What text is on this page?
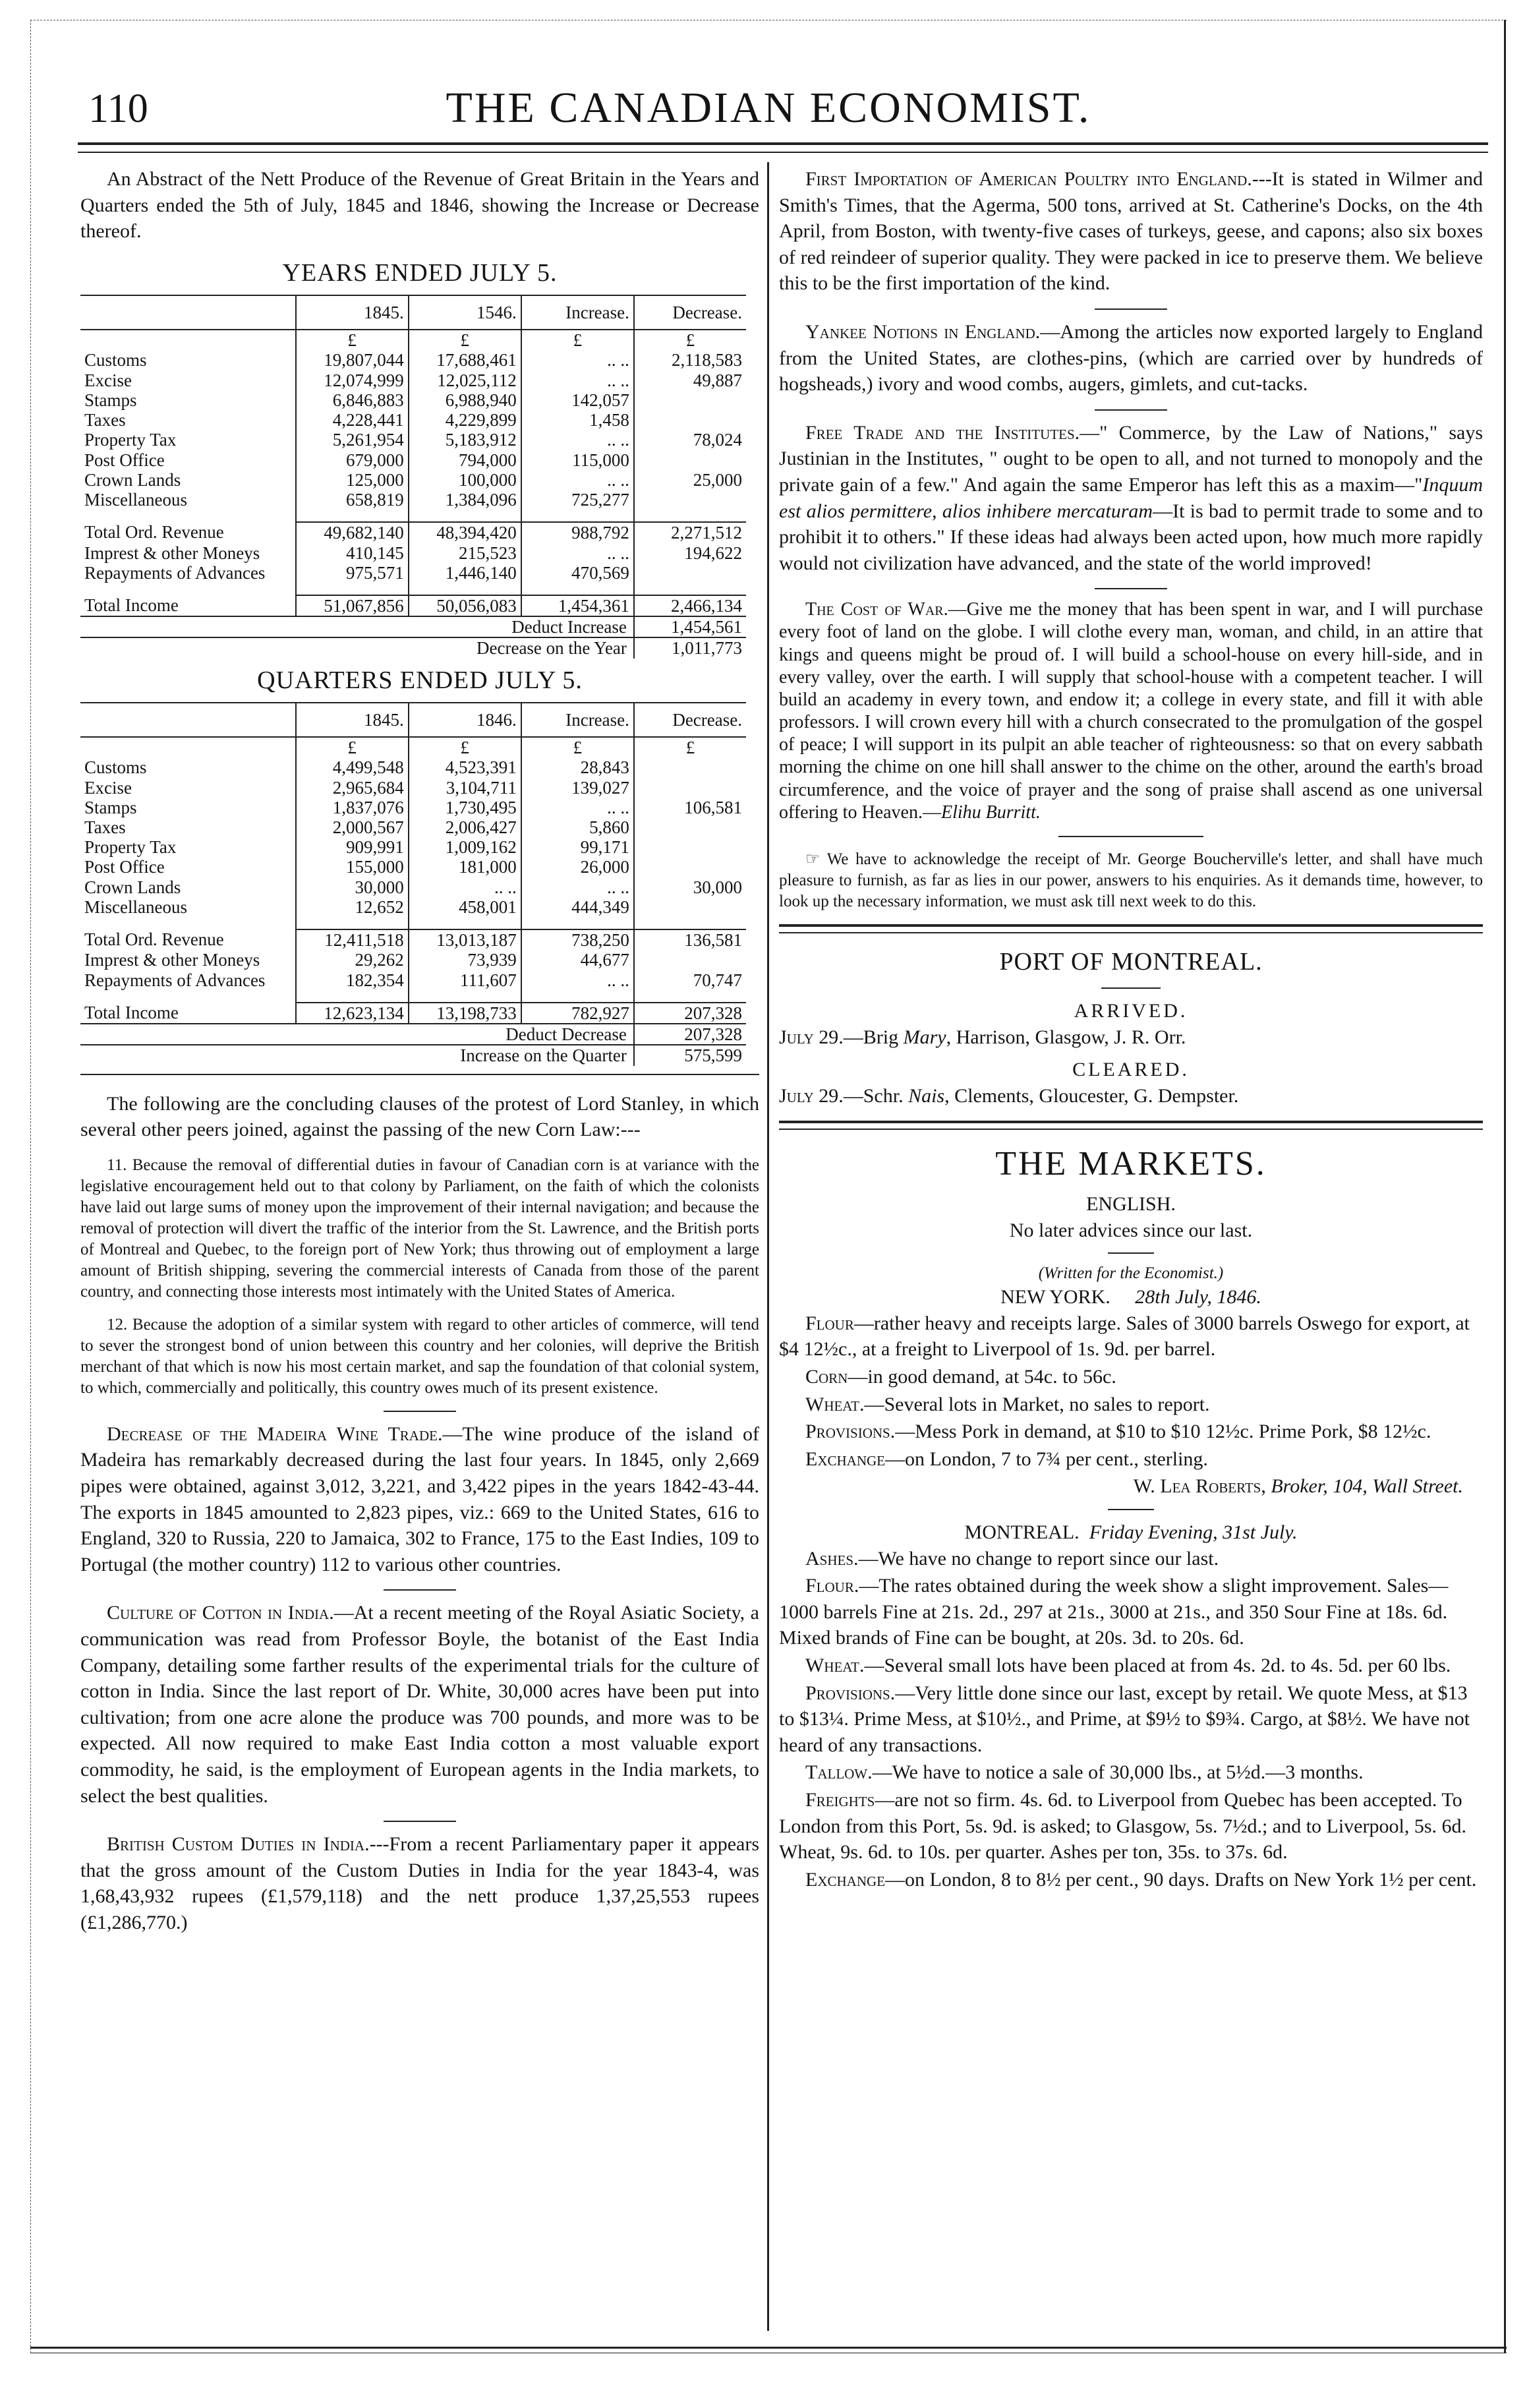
110	THE CANADIAN ECONOMIST.

An Abstract of the Nett Produce of the Revenue of Great Britain in the Years and Quarters ended the 5th of July, 1845 and 1846, showing the Increase or Decrease thereof.

YEARS ENDED JULY 5.
	1845.	1546.	Increase.	Decrease.
	£	£	£	£
Customs	19,807,044	17,688,461	.. ..	2,118,583
Excise	12,074,999	12,025,112	.. ..	49,887
Stamps	6,846,883	6,988,940	142,057	
Taxes	4,228,441	4,229,899	1,458	
Property Tax	5,261,954	5,183,912	.. ..	78,024
Post Office	679,000	794,000	115,000	
Crown Lands	125,000	100,000	.. ..	25,000
Miscellaneous	658,819	1,384,096	725,277	

Total Ord. Revenue	49,682,140	48,394,420	988,792	2,271,512
Imprest & other Moneys	410,145	215,523	.. ..	194,622
Repayments of Advances	975,571	1,446,140	470,569	

Total Income	51,067,856	50,056,083	1,454,361	2,466,134
Deduct Increase				1,454,561
Decrease on the Year				1,011,773
QUARTERS ENDED JULY 5.
	1845.	1846.	Increase.	Decrease.
	£	£	£	£
Customs	4,499,548	4,523,391	28,843	
Excise	2,965,684	3,104,711	139,027	
Stamps	1,837,076	1,730,495	.. ..	106,581
Taxes	2,000,567	2,006,427	5,860	
Property Tax	909,991	1,009,162	99,171	
Post Office	155,000	181,000	26,000	
Crown Lands	30,000	.. ..	.. ..	30,000
Miscellaneous	12,652	458,001	444,349	

Total Ord. Revenue	12,411,518	13,013,187	738,250	136,581
Imprest & other Moneys	29,262	73,939	44,677	
Repayments of Advances	182,354	111,607	.. ..	70,747

Total Income	12,623,134	13,198,733	782,927	207,328
Deduct Decrease				207,328
Increase on the Quarter				575,599

The following are the concluding clauses of the protest of Lord Stanley, in which several other peers joined, against the passing of the new Corn Law:---

11. Because the removal of differential duties in favour of Canadian corn is at variance with the legislative encouragement held out to that colony by Parliament, on the faith of which the colonists have laid out large sums of money upon the improvement of their internal navigation; and because the removal of protection will divert the traffic of the interior from the St. Lawrence, and the British ports of Montreal and Quebec, to the foreign port of New York; thus throwing out of employment a large amount of British shipping, severing the commercial interests of Canada from those of the parent country, and connecting those interests most intimately with the United States of America.

12. Because the adoption of a similar system with regard to other articles of commerce, will tend to sever the strongest bond of union between this country and her colonies, will deprive the British merchant of that which is now his most certain market, and sap the foundation of that colonial system, to which, commercially and politically, this country owes much of its present existence.

Decrease of the Madeira Wine Trade.—The wine produce of the island of Madeira has remarkably decreased during the last four years. In 1845, only 2,669 pipes were obtained, against 3,012, 3,221, and 3,422 pipes in the years 1842-43-44. The exports in 1845 amounted to 2,823 pipes, viz.: 669 to the United States, 616 to England, 320 to Russia, 220 to Jamaica, 302 to France, 175 to the East Indies, 109 to Portugal (the mother country) 112 to various other countries.

Culture of Cotton in India.—At a recent meeting of the Royal Asiatic Society, a communication was read from Professor Boyle, the botanist of the East India Company, detailing some farther results of the experimental trials for the culture of cotton in India. Since the last report of Dr. White, 30,000 acres have been put into cultivation; from one acre alone the produce was 700 pounds, and more was to be expected. All now required to make East India cotton a most valuable export commodity, he said, is the employment of European agents in the India markets, to select the best qualities.

British Custom Duties in India.---From a recent Parliamentary paper it appears that the gross amount of the Custom Duties in India for the year 1843-4, was 1,68,43,932 rupees (£1,579,118) and the nett produce 1,37,25,553 rupees (£1,286,770.)

First Importation of American Poultry into England.---It is stated in Wilmer and Smith's Times, that the Agerma, 500 tons, arrived at St. Catherine's Docks, on the 4th April, from Boston, with twenty-five cases of turkeys, geese, and capons; also six boxes of red reindeer of superior quality. They were packed in ice to preserve them. We believe this to be the first importation of the kind.

Yankee Notions in England.—Among the articles now exported largely to England from the United States, are clothes-pins, (which are carried over by hundreds of hogsheads,) ivory and wood combs, augers, gimlets, and cut-tacks.

Free Trade and the Institutes.—" Commerce, by the Law of Nations," says Justinian in the Institutes, " ought to be open to all, and not turned to monopoly and the private gain of a few." And again the same Emperor has left this as a maxim—"Inquum est alios permittere, alios inhibere mercaturam—It is bad to permit trade to some and to prohibit it to others." If these ideas had always been acted upon, how much more rapidly would not civilization have advanced, and the state of the world improved!

The Cost of War.—Give me the money that has been spent in war, and I will purchase every foot of land on the globe. I will clothe every man, woman, and child, in an attire that kings and queens might be proud of. I will build a school-house on every hill-side, and in every valley, over the earth. I will supply that school-house with a competent teacher. I will build an academy in every town, and endow it; a college in every state, and fill it with able professors. I will crown every hill with a church consecrated to the promulgation of the gospel of peace; I will support in its pulpit an able teacher of righteousness: so that on every sabbath morning the chime on one hill shall answer to the chime on the other, around the earth's broad circumference, and the voice of prayer and the song of praise shall ascend as one universal offering to Heaven.—Elihu Burritt.

☞ We have to acknowledge the receipt of Mr. George Boucherville's letter, and shall have much pleasure to furnish, as far as lies in our power, answers to his enquiries. As it demands time, however, to look up the necessary information, we must ask till next week to do this.

PORT OF MONTREAL.
ARRIVED.

July 29.—Brig Mary, Harrison, Glasgow, J. R. Orr.

CLEARED.

July 29.—Schr. Nais, Clements, Gloucester, G. Dempster.

THE MARKETS.
ENGLISH.
No later advices since our last.
(Written for the Economist.)
NEW YORK. 28th July, 1846.

Flour—rather heavy and receipts large. Sales of 3000 barrels Oswego for export, at $4 12½c., at a freight to Liverpool of 1s. 9d. per barrel.

Corn—in good demand, at 54c. to 56c.

Wheat.—Several lots in Market, no sales to report.

Provisions.—Mess Pork in demand, at $10 to $10 12½c. Prime Pork, $8 12½c.

Exchange—on London, 7 to 7¾ per cent., sterling.

W. Lea Roberts, Broker, 104, Wall Street.
MONTREAL. Friday Evening, 31st July.

Ashes.—We have no change to report since our last.

Flour.—The rates obtained during the week show a slight improvement. Sales—1000 barrels Fine at 21s. 2d., 297 at 21s., 3000 at 21s., and 350 Sour Fine at 18s. 6d. Mixed brands of Fine can be bought, at 20s. 3d. to 20s. 6d.

Wheat.—Several small lots have been placed at from 4s. 2d. to 4s. 5d. per 60 lbs.

Provisions.—Very little done since our last, except by retail. We quote Mess, at $13 to $13¼. Prime Mess, at $10½., and Prime, at $9½ to $9¾. Cargo, at $8½. We have not heard of any transactions.

Tallow.—We have to notice a sale of 30,000 lbs., at 5½d.—3 months.

Freights—are not so firm. 4s. 6d. to Liverpool from Quebec has been accepted. To London from this Port, 5s. 9d. is asked; to Glasgow, 5s. 7½d.; and to Liverpool, 5s. 6d. Wheat, 9s. 6d. to 10s. per quarter. Ashes per ton, 35s. to 37s. 6d.

Exchange—on London, 8 to 8½ per cent., 90 days. Drafts on New York 1½ per cent.
